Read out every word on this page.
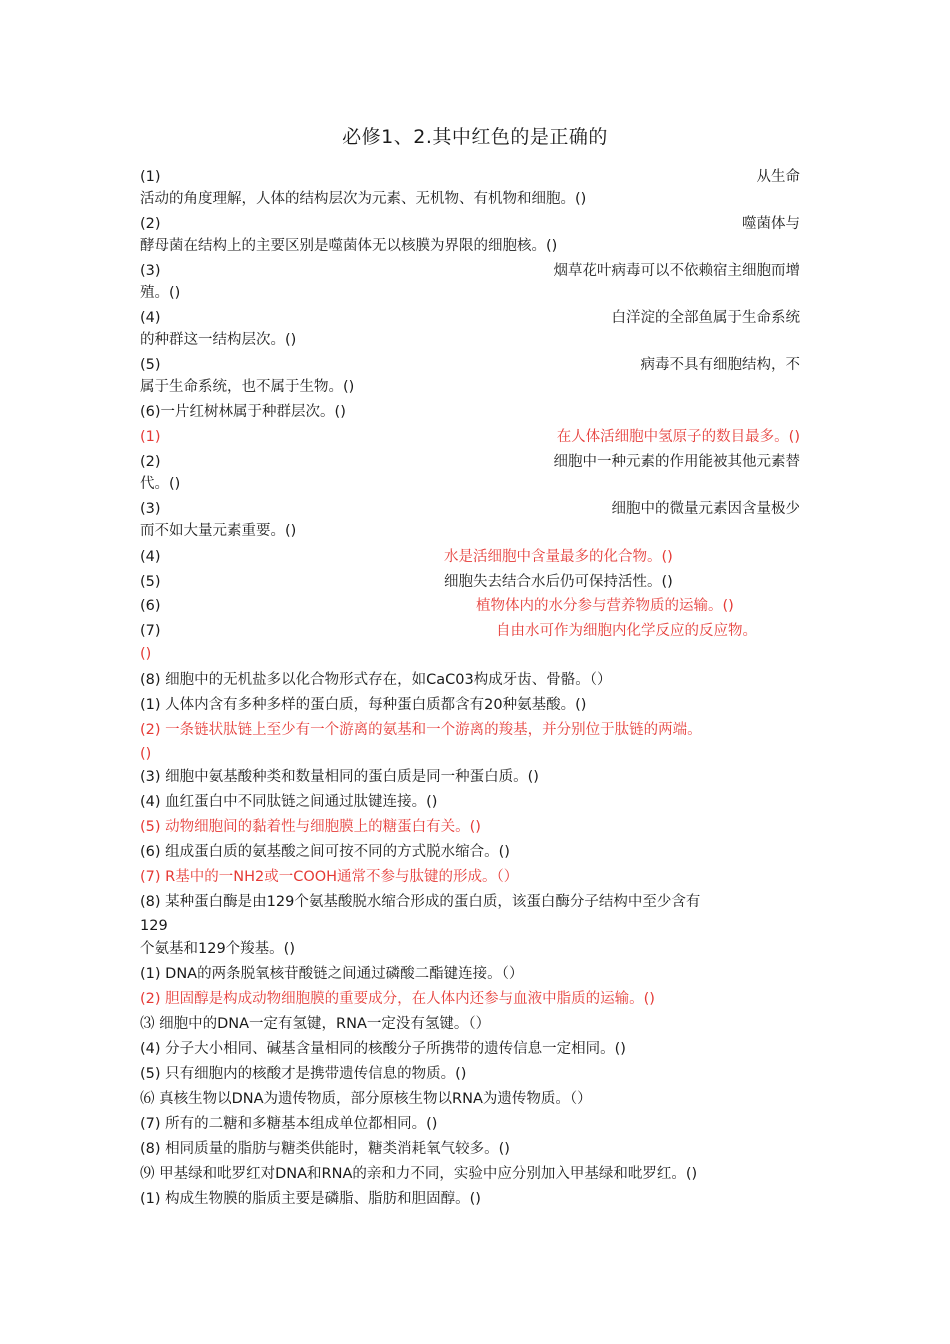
必修1、2.其中红色的是正确的
(1)	从生命
活动的角度理解，人体的结构层次为元素、无机物、有机物和细胞。()
(2)	噬菌体与
酵母菌在结构上的主要区别是噬菌体无以核膜为界限的细胞核。()
(3)	烟草花叶病毒可以不依赖宿主细胞而增
殖。()
(4)	白洋淀的全部鱼属于生命系统
的种群这一结构层次。()
(5)	病毒不具有细胞结构，不
属于生命系统，也不属于生物。()
(6)一片红树林属于种群层次。()
(1)	在人体活细胞中氢原子的数目最多。()
(2)	细胞中一种元素的作用能被其他元素替
代。()
(3)	细胞中的微量元素因含量极少
而不如大量元素重要。()
(4)	水是活细胞中含量最多的化合物。()
(5)	细胞失去结合水后仍可保持活性。()
(6)	植物体内的水分参与营养物质的运输。()
(7)	自由水可作为细胞内化学反应的反应物。
()
(8) 细胞中的无机盐多以化合物形式存在，如CaC03构成牙齿、骨骼。（）
(1) 人体内含有多种多样的蛋白质，每种蛋白质都含有20种氨基酸。()
(2) 一条链状肽链上至少有一个游离的氨基和一个游离的羧基，并分别位于肽链的两端。
()
(3) 细胞中氨基酸种类和数量相同的蛋白质是同一种蛋白质。()
(4) 血红蛋白中不同肽链之间通过肽键连接。()
(5) 动物细胞间的黏着性与细胞膜上的糖蛋白有关。()
(6) 组成蛋白质的氨基酸之间可按不同的方式脱水缩合。()
(7) R基中的一NH2或一COOH通常不参与肽键的形成。（）
(8) 某种蛋白酶是由129个氨基酸脱水缩合形成的蛋白质，该蛋白酶分子结构中至少含有
129
个氨基和129个羧基。()
(1) DNA的两条脱氧核苷酸链之间通过磷酸二酯键连接。（）
(2) 胆固醇是构成动物细胞膜的重要成分，在人体内还参与血液中脂质的运输。()
⑶ 细胞中的DNA一定有氢键，RNA一定没有氢键。（）
(4) 分子大小相同、碱基含量相同的核酸分子所携带的遗传信息一定相同。()
(5) 只有细胞内的核酸才是携带遗传信息的物质。()
⑹ 真核生物以DNA为遗传物质，部分原核生物以RNA为遗传物质。（）
(7) 所有的二糖和多糖基本组成单位都相同。()
(8) 相同质量的脂肪与糖类供能时，糖类消耗氧气较多。()
⑼ 甲基绿和吡罗红对DNA和RNA的亲和力不同，实验中应分别加入甲基绿和吡罗红。()
(1) 构成生物膜的脂质主要是磷脂、脂肪和胆固醇。()
